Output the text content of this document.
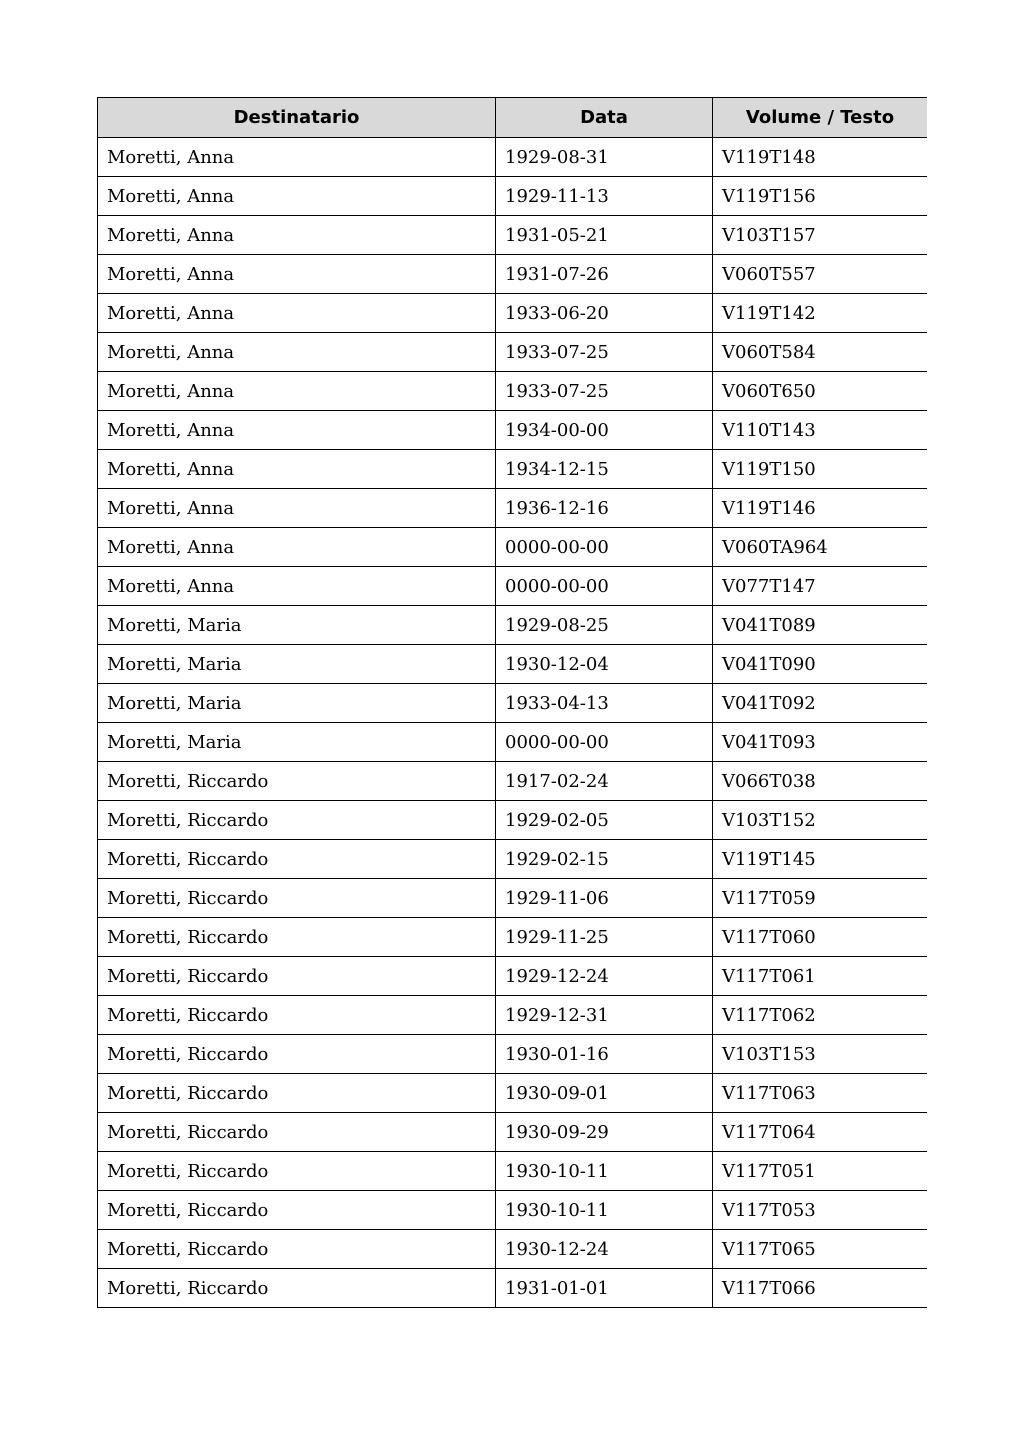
Destinatario	Data	Volume / Testo
Moretti, Anna	1929-08-31	V119T148
Moretti, Anna	1929-11-13	V119T156
Moretti, Anna	1931-05-21	V103T157
Moretti, Anna	1931-07-26	V060T557
Moretti, Anna	1933-06-20	V119T142
Moretti, Anna	1933-07-25	V060T584
Moretti, Anna	1933-07-25	V060T650
Moretti, Anna	1934-00-00	V110T143
Moretti, Anna	1934-12-15	V119T150
Moretti, Anna	1936-12-16	V119T146
Moretti, Anna	0000-00-00	V060TA964
Moretti, Anna	0000-00-00	V077T147
Moretti, Maria	1929-08-25	V041T089
Moretti, Maria	1930-12-04	V041T090
Moretti, Maria	1933-04-13	V041T092
Moretti, Maria	0000-00-00	V041T093
Moretti, Riccardo	1917-02-24	V066T038
Moretti, Riccardo	1929-02-05	V103T152
Moretti, Riccardo	1929-02-15	V119T145
Moretti, Riccardo	1929-11-06	V117T059
Moretti, Riccardo	1929-11-25	V117T060
Moretti, Riccardo	1929-12-24	V117T061
Moretti, Riccardo	1929-12-31	V117T062
Moretti, Riccardo	1930-01-16	V103T153
Moretti, Riccardo	1930-09-01	V117T063
Moretti, Riccardo	1930-09-29	V117T064
Moretti, Riccardo	1930-10-11	V117T051
Moretti, Riccardo	1930-10-11	V117T053
Moretti, Riccardo	1930-12-24	V117T065
Moretti, Riccardo	1931-01-01	V117T066
